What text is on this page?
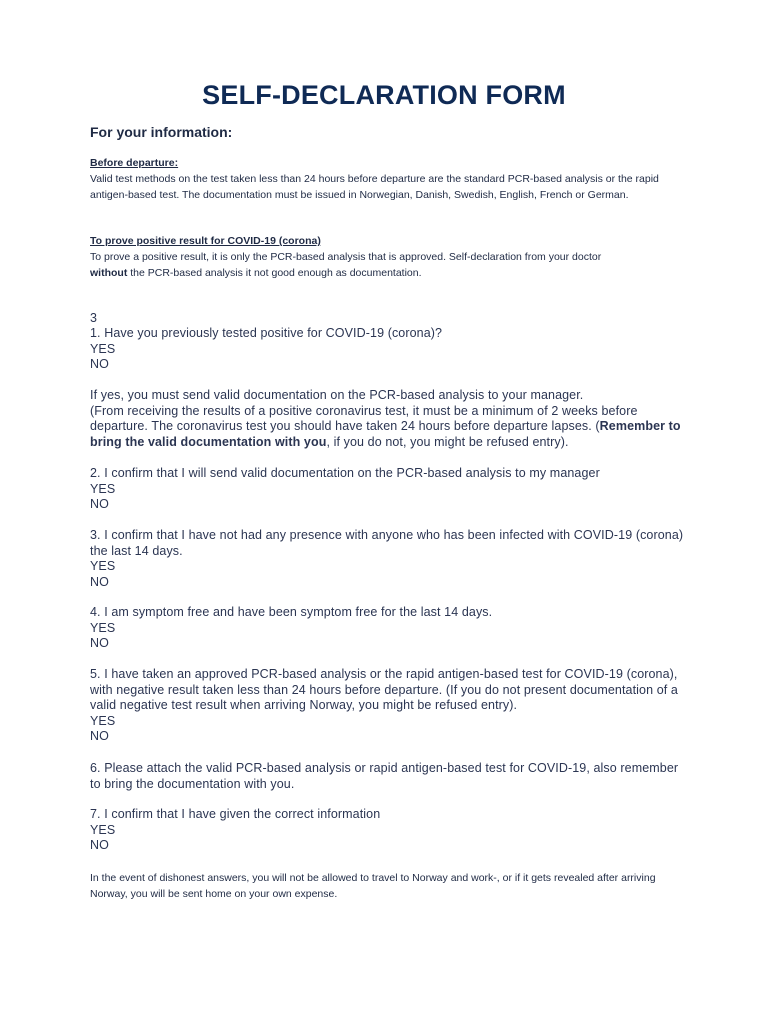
SELF-DECLARATION FORM
For your information:
Before departure:
Valid test methods on the test taken less than 24 hours before departure are the standard PCR-based analysis or the rapid antigen-based test. The documentation must be issued in Norwegian, Danish, Swedish, English, French or German.
To prove positive result for COVID-19 (corona)
To prove a positive result, it is only the PCR-based analysis that is approved. Self-declaration from your doctor
without the PCR-based analysis it not good enough as documentation.
3
1. Have you previously tested positive for COVID-19 (corona)?
YES
NO
If yes, you must send valid documentation on the PCR-based analysis to your manager.
(From receiving the results of a positive coronavirus test, it must be a minimum of 2 weeks before departure. The coronavirus test you should have taken 24 hours before departure lapses. (Remember to bring the valid documentation with you, if you do not, you might be refused entry).
2. I confirm that I will send valid documentation on the PCR-based analysis to my manager
YES
NO
3. I confirm that I have not had any presence with anyone who has been infected with COVID-19 (corona) the last 14 days.
YES
NO
4. I am symptom free and have been symptom free for the last 14 days.
YES
NO
5. I have taken an approved PCR-based analysis or the rapid antigen-based test for COVID-19 (corona), with negative result taken less than 24 hours before departure. (If you do not present documentation of a valid negative test result when arriving Norway, you might be refused entry).
YES
NO
6. Please attach the valid PCR-based analysis or rapid antigen-based test for COVID-19, also remember to bring the documentation with you.
7. I confirm that I have given the correct information
YES
NO
In the event of dishonest answers, you will not be allowed to travel to Norway and work-, or if it gets revealed after arriving Norway, you will be sent home on your own expense.
